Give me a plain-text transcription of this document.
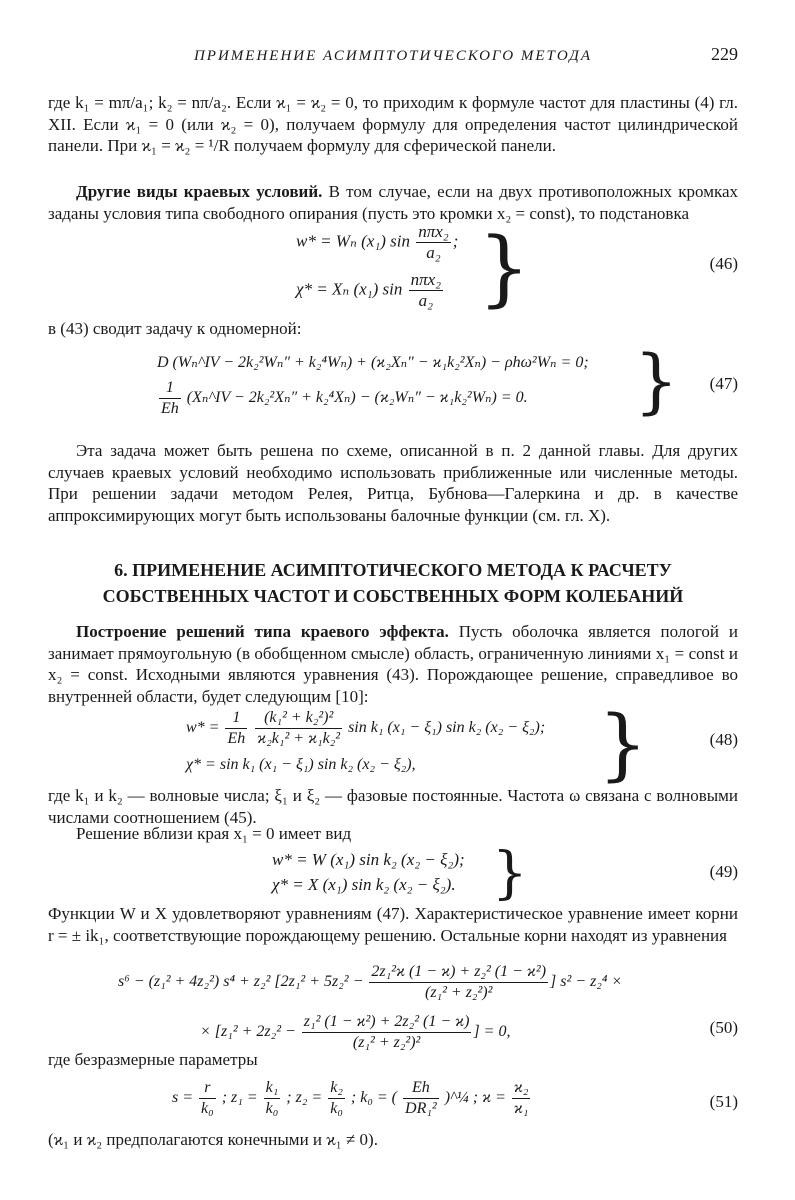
ПРИМЕНЕНИЕ АСИМПТОТИЧЕСКОГО МЕТОДА	229

где k₁ = mπ/a₁; k₂ = nπ/a₂. Если ϰ₁ = ϰ₂ = 0, то приходим к формуле частот для пластины (4) гл. XII. Если ϰ₁ = 0 (или ϰ₂ = 0), получаем формулу для определения частот цилиндрической панели. При ϰ₁ = ϰ₂ = ¹/R получаем формулу для сферической панели.

Другие виды краевых условий. В том случае, если на двух противоположных кромках заданы условия типа свободного опирания (пусть это кромки x₂ = const), то подстановка

w* = Wₙ (x₁) $\sin \frac{\text{nπx₂}}{\text{a₂}}$ ;
χ* = Xₙ (x₁) $\sin \frac{\text{nπx₂}}{\text{a₂}}$ }	(46)

в (43) сводит задачу к одномерной:

D (Wₙ^IV − 2k₂²Wₙ″ + k₂⁴Wₙ) + (ϰ₂Xₙ″ − ϰ₁k₂²Xₙ) − ρhω²Wₙ = 0;
$\frac{1}{Eh}$ (Xₙ^IV − 2k₂²Xₙ″ + k₂⁴Xₙ) − (ϰ₂Wₙ″ − ϰ₁k₂²Wₙ) = 0. } (47)

Эта задача может быть решена по схеме, описанной в п. 2 данной главы. Для других случаев краевых условий необходимо использовать приближенные или численные методы. При решении задачи методом Релея, Ритца, Бубнова—Галеркина и др. в качестве аппроксимирующих могут быть использованы балочные функции (см. гл. X).

6. ПРИМЕНЕНИЕ АСИМПТОТИЧЕСКОГО МЕТОДА К РАСЧЕТУ
СОБСТВЕННЫХ ЧАСТОТ И СОБСТВЕННЫХ ФОРМ КОЛЕБАНИЙ

Построение решений типа краевого эффекта. Пусть оболочка является пологой и занимает прямоугольную (в обобщенном смысле) область, ограниченную линиями x₁ = const и x₂ = const. Исходными являются уравнения (43). Порождающее решение, справедливое во внутренней области, будет следующим [10]:

$w* = \frac{1}{Eh}$
$\frac{\text{(k₁² + k₂²)²}}{\text{ϰ₂k₁² + ϰ₁k₂²}}$ sin k₁ (x₁ − ξ₁) sin k₂ (x₂ − ξ₂);
χ* = sin k₁ (x₁ − ξ₁) sin k₂ (x₂ − ξ₂), }	(48)

где k₁ и k₂ — волновые числа; ξ₁ и ξ₂ — фазовые постоянные. Частота ω связана с волновыми числами соотношением (45).

Решение вблизи края x₁ = 0 имеет вид

w* = W (x₁) sin k₂ (x₂ − ξ₂);
χ* = X (x₁) sin k₂ (x₂ − ξ₂). }	(49)

Функции W и X удовлетворяют уравнениям (47). Характеристическое уравнение имеет корни r = ± ik₁, соответствующие порождающему решению. Остальные корни находят из уравнения

s⁶ − (z₁² + 4z₂²) s⁴ + z₂² [$2z_1^2 + 5z_2^2 - \frac{\text{2z₁²ϰ (1 − ϰ) + z₂² (1 − ϰ²)}}{\text{(z₁² + z₂²)²}}$ ] s² − z₂⁴ ×
× [$z_1^2 + 2z_2^2 - \frac{\text{z₁² (1 − ϰ²) + 2z₂² (1 − ϰ)}}{\text{(z₁² + z₂²)²}}$ ] = 0,	(50)

где безразмерные параметры

$s = \frac{r}{\text{k₀}}$ ; $z_1 = \frac{\text{k₁}}{\text{k₀}}$ ; $z_2 = \frac{\text{k₂}}{\text{k₀}}$ ; k₀ = ( $\frac{Eh}{\text{DR₁²}}$ )^¼ ; $ϰ = \frac{\text{ϰ₂}}{\text{ϰ₁}}$	(51)

(ϰ₁ и ϰ₂ предполагаются конечными и ϰ₁ ≠ 0).
